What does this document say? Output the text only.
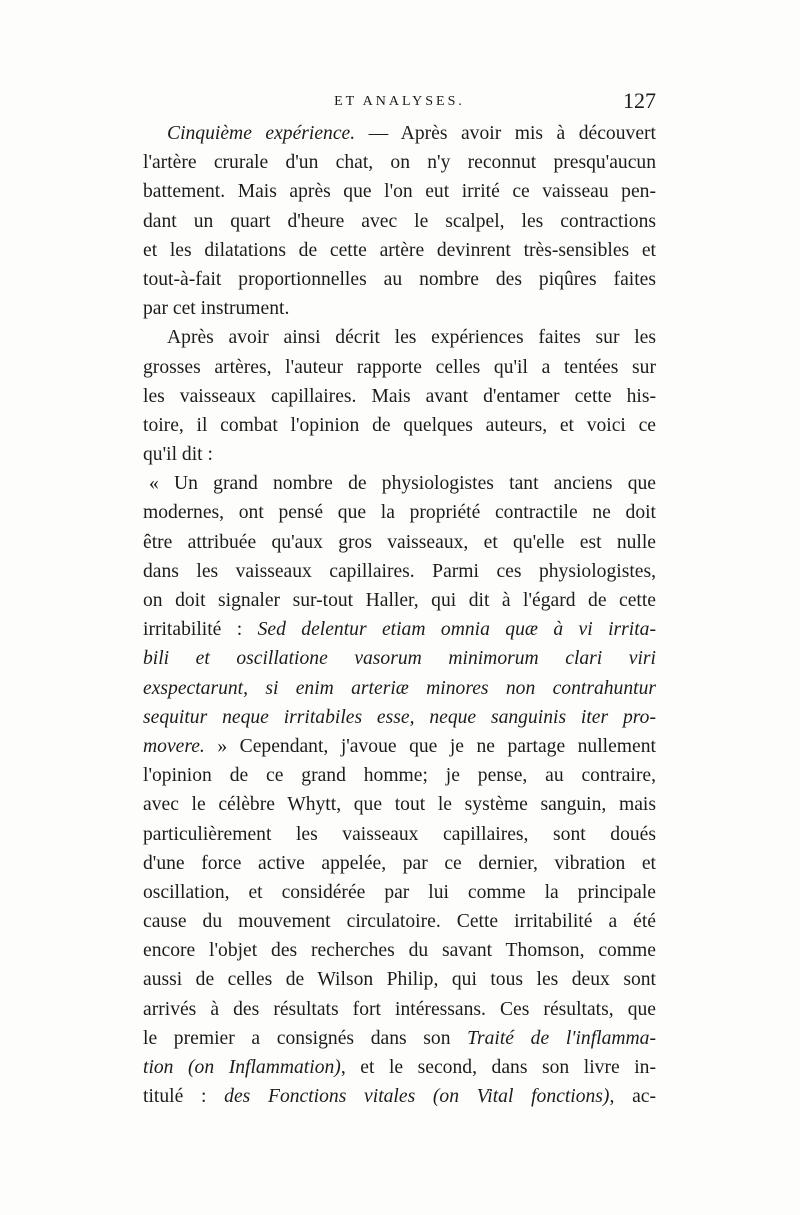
ET ANALYSES.	127
Cinquième expérience. — Après avoir mis à découvert
l'artère crurale d'un chat, on n'y reconnut presqu'aucun
battement. Mais après que l'on eut irrité ce vaisseau pen-
dant un quart d'heure avec le scalpel, les contractions
et les dilatations de cette artère devinrent très-sensibles et
tout-à-fait proportionnelles au nombre des piqûres faites
par cet instrument.
Après avoir ainsi décrit les expériences faites sur les
grosses artères, l'auteur rapporte celles qu'il a tentées sur
les vaisseaux capillaires. Mais avant d'entamer cette his-
toire, il combat l'opinion de quelques auteurs, et voici ce
qu'il dit :
« Un grand nombre de physiologistes tant anciens que
modernes, ont pensé que la propriété contractile ne doit
être attribuée qu'aux gros vaisseaux, et qu'elle est nulle
dans les vaisseaux capillaires. Parmi ces physiologistes,
on doit signaler sur-tout Haller, qui dit à l'égard de cette
irritabilité : Sed delentur etiam omnia quæ à vi irrita-
bili et oscillatione vasorum minimorum clari viri
exspectarunt, si enim arteriæ minores non contrahuntur
sequitur neque irritabiles esse, neque sanguinis iter pro-
movere. » Cependant, j'avoue que je ne partage nullement
l'opinion de ce grand homme; je pense, au contraire,
avec le célèbre Whytt, que tout le système sanguin, mais
particulièrement les vaisseaux capillaires, sont doués
d'une force active appelée, par ce dernier, vibration et
oscillation, et considérée par lui comme la principale
cause du mouvement circulatoire. Cette irritabilité a été
encore l'objet des recherches du savant Thomson, comme
aussi de celles de Wilson Philip, qui tous les deux sont
arrivés à des résultats fort intéressans. Ces résultats, que
le premier a consignés dans son Traité de l'inflamma-
tion (on Inflammation), et le second, dans son livre in-
titulé : des Fonctions vitales (on Vital fonctions), ac-
